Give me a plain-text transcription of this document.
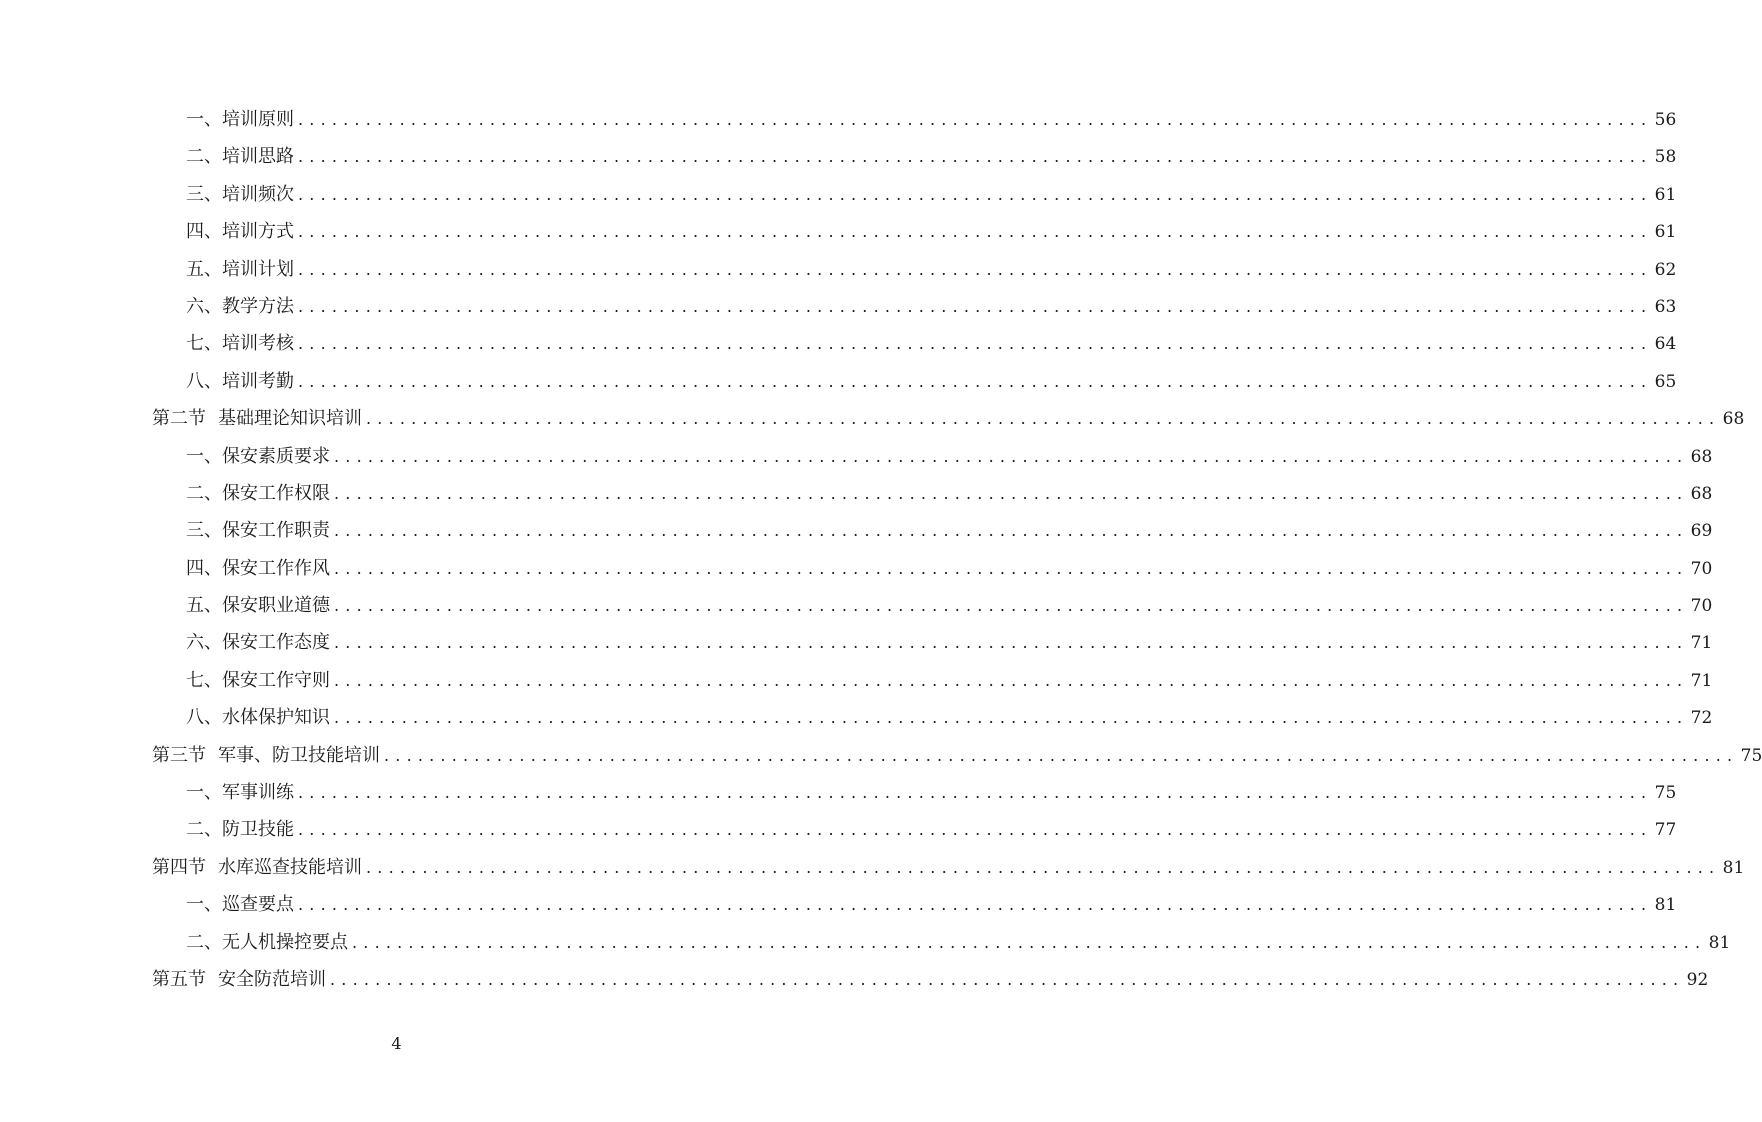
一、培训原则 ........................................................................................................................ 56
二、培训思路 ........................................................................................................................ 58
三、培训频次 ........................................................................................................................ 61
四、培训方式 ........................................................................................................................ 61
五、培训计划 ........................................................................................................................ 62
六、教学方法 ........................................................................................................................ 63
七、培训考核 ........................................................................................................................ 64
八、培训考勤 ........................................................................................................................ 65
第二节 基础理论知识培训 ........................................................................................................................ 68
一、保安素质要求 ........................................................................................................................ 68
二、保安工作权限 ........................................................................................................................ 68
三、保安工作职责 ........................................................................................................................ 69
四、保安工作作风 ........................................................................................................................ 70
五、保安职业道德 ........................................................................................................................ 70
六、保安工作态度 ........................................................................................................................ 71
七、保安工作守则 ........................................................................................................................ 71
八、水体保护知识 ........................................................................................................................ 72
第三节 军事、防卫技能培训 ........................................................................................................................ 75
一、军事训练 ........................................................................................................................ 75
二、防卫技能 ........................................................................................................................ 77
第四节 水库巡查技能培训 ........................................................................................................................ 81
一、巡查要点 ........................................................................................................................ 81
二、无人机操控要点 ........................................................................................................................ 81
第五节 安全防范培训 ........................................................................................................................ 92
4
